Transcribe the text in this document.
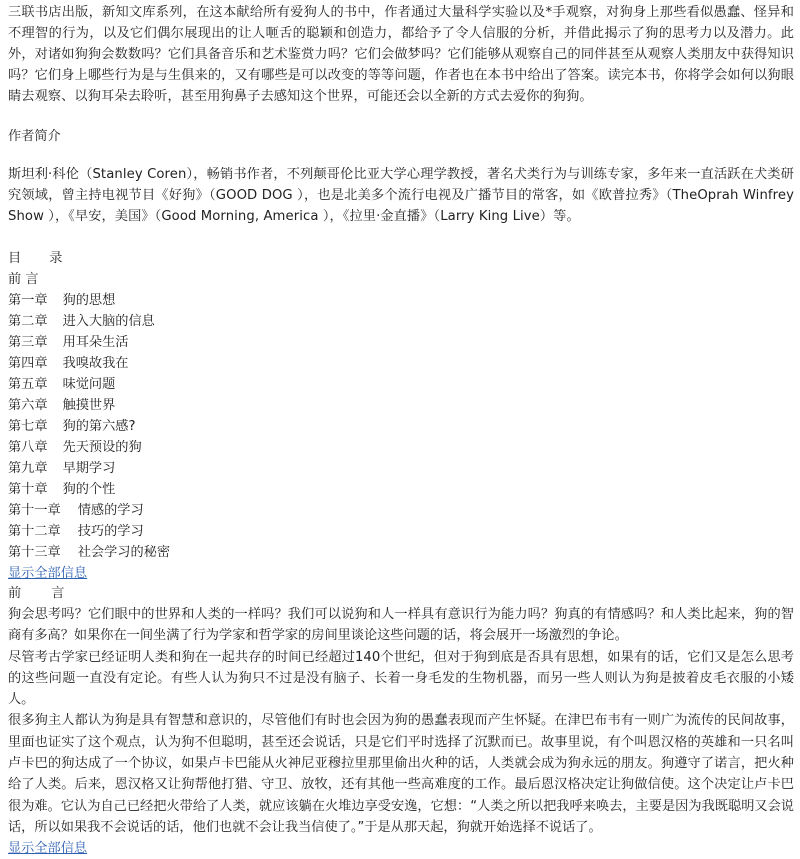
三联书店出版，新知文库系列，在这本献给所有爱狗人的书中，作者通过大量科学实验以及*手观察，对狗身上那些看似愚蠢、怪异和不理智的行为，以及它们偶尔展现出的让人咂舌的聪颖和创造力，都给予了令人信服的分析，并借此揭示了狗的思考力以及潜力。此外，对诸如狗狗会数数吗？它们具备音乐和艺术鉴赏力吗？它们会做梦吗？它们能够从观察自己的同伴甚至从观察人类朋友中获得知识吗？它们身上哪些行为是与生俱来的，又有哪些是可以改变的等等问题，作者也在本书中给出了答案。读完本书，你将学会如何以狗眼睛去观察、以狗耳朵去聆听，甚至用狗鼻子去感知这个世界，可能还会以全新的方式去爱你的狗狗。

作者简介

斯坦利·科伦（Stanley Coren），畅销书作者，不列颠哥伦比亚大学心理学教授，著名犬类行为与训练专家，多年来一直活跃在犬类研究领域，曾主持电视节目《好狗》（GOOD DOG ），也是北美多个流行电视及广播节目的常客，如《欧普拉秀》（TheOprah Winfrey Show ），《早安，美国》（Good Morning, America ），《拉里·金直播》（Larry King Live）等。

目 录
前 言
第一章 狗的思想
第二章 进入大脑的信息
第三章 用耳朵生活
第四章 我嗅故我在
第五章 味觉问题
第六章 触摸世界
第七章 狗的第六感?
第八章 先天预设的狗
第九章 早期学习
第十章 狗的个性
第十一章 情感的学习
第十二章 技巧的学习
第十三章 社会学习的秘密
显示全部信息
前 言

狗会思考吗？它们眼中的世界和人类的一样吗？我们可以说狗和人一样具有意识行为能力吗？狗真的有情感吗？和人类比起来，狗的智商有多高？如果你在一间坐满了行为学家和哲学家的房间里谈论这些问题的话，将会展开一场激烈的争论。

尽管考古学家已经证明人类和狗在一起共存的时间已经超过140个世纪，但对于狗到底是否具有思想，如果有的话，它们又是怎么思考的这些问题一直没有定论。有些人认为狗只不过是没有脑子、长着一身毛发的生物机器，而另一些人则认为狗是披着皮毛衣服的小矮人。

很多狗主人都认为狗是具有智慧和意识的，尽管他们有时也会因为狗的愚蠢表现而产生怀疑。在津巴布韦有一则广为流传的民间故事，里面也证实了这个观点，认为狗不但聪明，甚至还会说话，只是它们平时选择了沉默而已。故事里说，有个叫恩汉格的英雄和一只名叫卢卡巴的狗达成了一个协议，如果卢卡巴能从火神尼亚穆拉里那里偷出火种的话，人类就会成为狗永远的朋友。狗遵守了诺言，把火种给了人类。后来，恩汉格又让狗帮他打猎、守卫、放牧，还有其他一些高难度的工作。最后恩汉格决定让狗做信使。这个决定让卢卡巴很为难。它认为自己已经把火带给了人类，就应该躺在火堆边享受安逸，它想：“人类之所以把我呼来唤去，主要是因为我既聪明又会说话，所以如果我不会说话的话，他们也就不会让我当信使了。”于是从那天起，狗就开始选择不说话了。

显示全部信息
